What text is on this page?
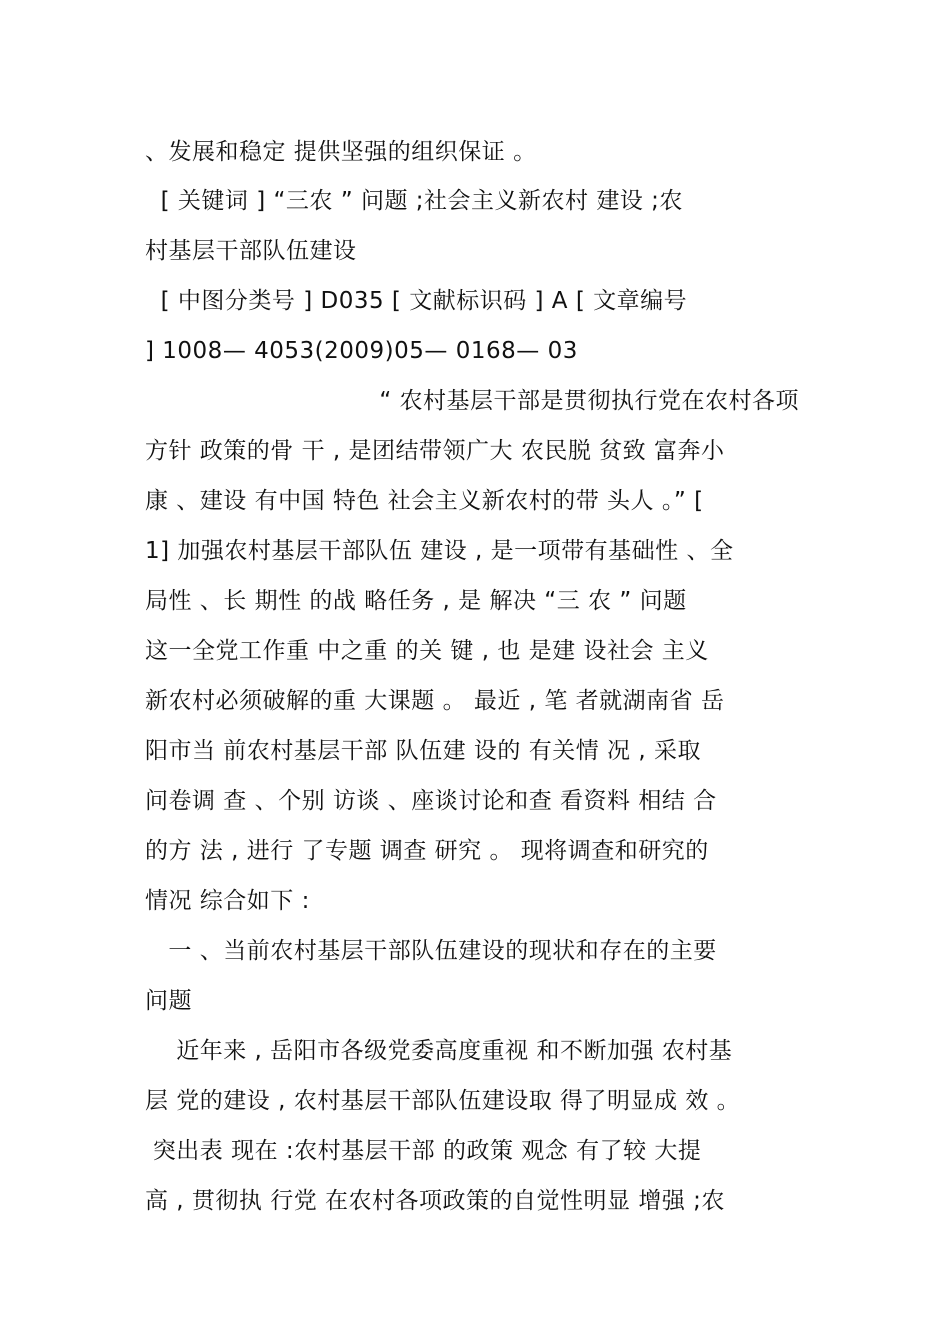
、发展和稳定 提供坚强的组织保证 。
[ 关键词 ] “三农 ” 问题 ;社会主义新农村 建设 ;农
村基层干部队伍建设
[ 中图分类号 ] D035 [ 文献标识码 ] A [ 文章编号
] 1008— 4053(2009)05— 0168— 03
“ 农村基层干部是贯彻执行党在农村各项
方针 政策的骨 干 , 是团结带领广大 农民脱 贫致 富奔小
康 、建设 有中国 特色 社会主义新农村的带 头人 。” [
1] 加强农村基层干部队伍 建设 , 是一项带有基础性 、全
局性 、长 期性 的战 略任务 , 是 解决 “三 农 ” 问题
这一全党工作重 中之重 的关 键 , 也 是建 设社会 主义
新农村必须破解的重 大课题 。 最近 , 笔 者就湖南省 岳
阳市当 前农村基层干部 队伍建 设的 有关情 况 , 采取
问卷调 查 、个别 访谈 、座谈讨论和查 看资料 相结 合
的方 法 , 进行 了专题 调查 研究 。 现将调查和研究的
情况 综合如下 :
一 、当前农村基层干部队伍建设的现状和存在的主要
问题
近年来 , 岳阳市各级党委高度重视 和不断加强 农村基
层 党的建设 , 农村基层干部队伍建设取 得了明显成 效 。
突出表 现在 :农村基层干部 的政策 观念 有了较 大提
高 , 贯彻执 行党 在农村各项政策的自觉性明显 增强 ;农
